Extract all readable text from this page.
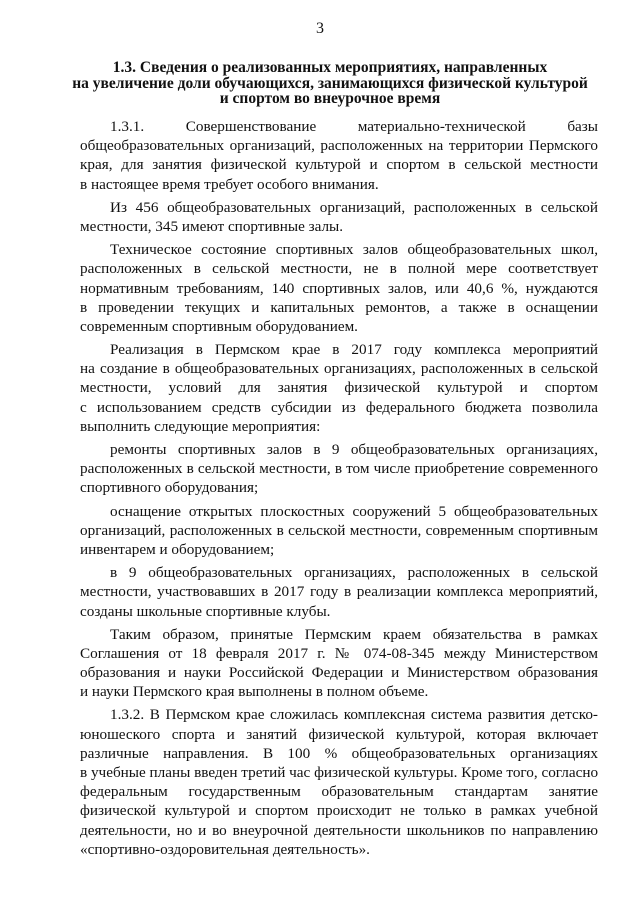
3
1.3. Сведения о реализованных мероприятиях, направленных
на увеличение доли обучающихся, занимающихся физической культурой
и спортом во внеурочное время

1.3.1. Совершенствование материально-технической базы
общеобразовательных организаций, расположенных на территории Пермского
края, для занятия физической культурой и спортом в сельской местности
в настоящее время требует особого внимания.

Из 456 общеобразовательных организаций, расположенных в сельской
местности, 345 имеют спортивные залы.

Техническое состояние спортивных залов общеобразовательных школ,
расположенных в сельской местности, не в полной мере соответствует
нормативным требованиям, 140 спортивных залов, или 40,6 %, нуждаются
в проведении текущих и капитальных ремонтов, а также в оснащении
современным спортивным оборудованием.

Реализация в Пермском крае в 2017 году комплекса мероприятий
на создание в общеобразовательных организациях, расположенных в сельской
местности, условий для занятия физической культурой и спортом
с использованием средств субсидии из федерального бюджета позволила
выполнить следующие мероприятия:

ремонты спортивных залов в 9 общеобразовательных организациях,
расположенных в сельской местности, в том числе приобретение современного
спортивного оборудования;

оснащение открытых плоскостных сооружений 5 общеобразовательных
организаций, расположенных в сельской местности, современным спортивным
инвентарем и оборудованием;

в 9 общеобразовательных организациях, расположенных в сельской
местности, участвовавших в 2017 году в реализации комплекса мероприятий,
созданы школьные спортивные клубы.

Таким образом, принятые Пермским краем обязательства в рамках
Соглашения от 18 февраля 2017 г. № 074-08-345 между Министерством
образования и науки Российской Федерации и Министерством образования
и науки Пермского края выполнены в полном объеме.

1.3.2. В Пермском крае сложилась комплексная система развития детско-
юношеского спорта и занятий физической культурой, которая включает
различные направления. В 100 % общеобразовательных организациях
в учебные планы введен третий час физической культуры. Кроме того, согласно
федеральным государственным образовательным стандартам занятие
физической культурой и спортом происходит не только в рамках учебной
деятельности, но и во внеурочной деятельности школьников по направлению
«спортивно-оздоровительная деятельность».
